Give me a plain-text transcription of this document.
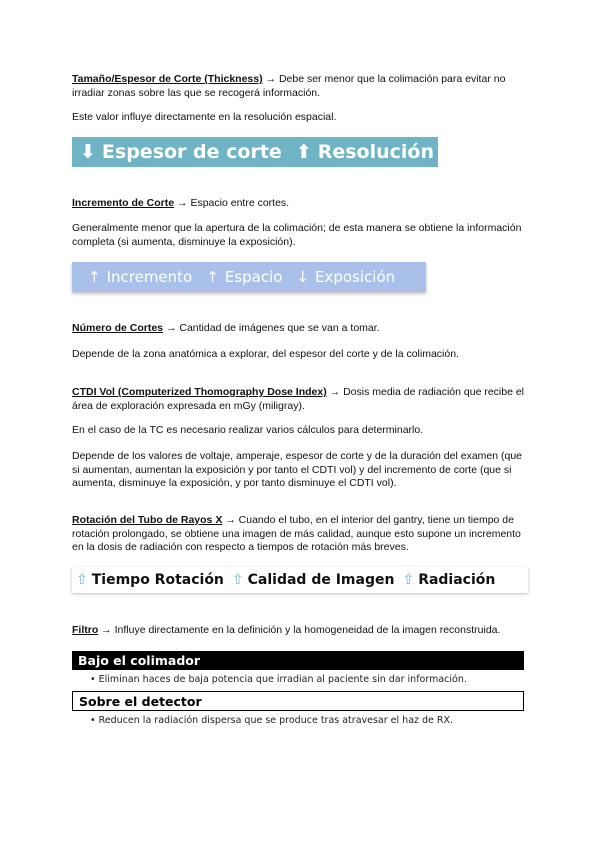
Tamaño/Espesor de Corte (Thickness) → Debe ser menor que la colimación para evitar no irradiar zonas sobre las que se recogerá información.

Este valor influye directamente en la resolución espacial.

⬇ Espesor de corte ⬆ Resolución

Incremento de Corte → Espacio entre cortes.

Generalmente menor que la apertura de la colimación; de esta manera se obtiene la información completa (si aumenta, disminuye la exposición).

↑ Incremento ↑ Espacio ↓ Exposición

Número de Cortes → Cantidad de imágenes que se van a tomar.

Depende de la zona anatómica a explorar, del espesor del corte y de la colimación.

CTDI Vol (Computerized Thomography Dose Index) → Dosis media de radiación que recibe el área de exploración expresada en mGy (miligray).

En el caso de la TC es necesario realizar varios cálculos para determinarlo.

Depende de los valores de voltaje, amperaje, espesor de corte y de la duración del examen (que si aumentan, aumentan la exposición y por tanto el CDTI vol) y del incremento de corte (que si aumenta, disminuye la exposición, y por tanto disminuye el CDTI vol).

Rotación del Tubo de Rayos X → Cuando el tubo, en el interior del gantry, tiene un tiempo de rotación prolongado, se obtiene una imagen de más calidad, aunque esto supone un incremento en la dosis de radiación con respecto a tiempos de rotación más breves.

⇧ Tiempo Rotación ⇧ Calidad de Imagen ⇧ Radiación

Filtro → Influye directamente en la definición y la homogeneidad de la imagen reconstruida.

Bajo el colimador
• Eliminan haces de baja potencia que irradian al paciente sin dar información.
Sobre el detector
• Reducen la radiación dispersa que se produce tras atravesar el haz de RX.
